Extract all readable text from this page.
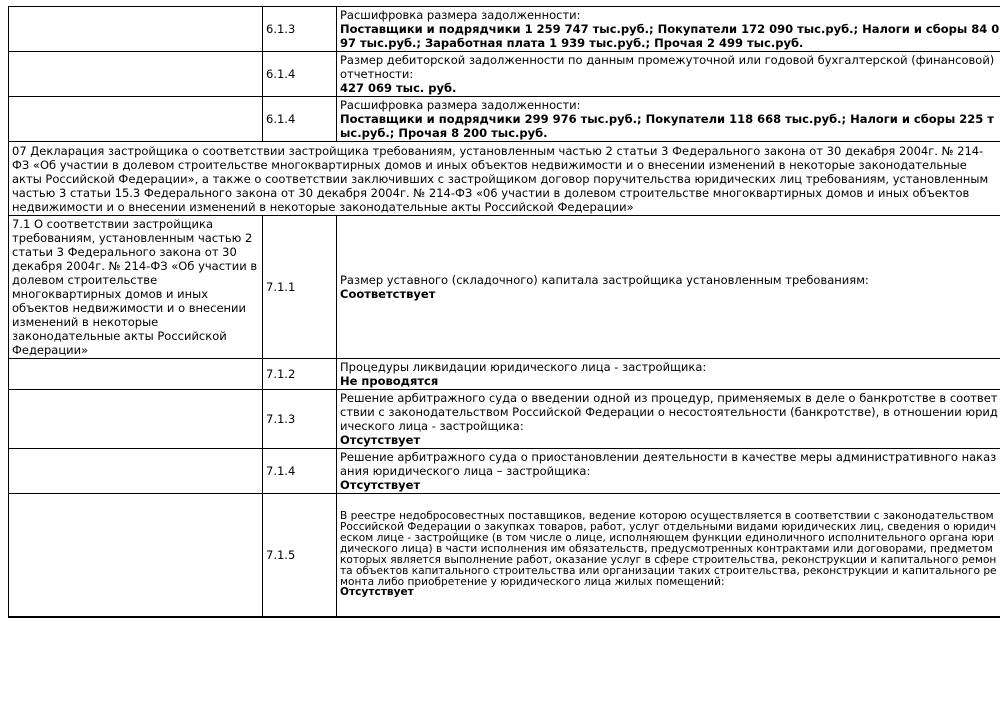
	6.1.3	Расшифровка размера задолженности:
Поставщики и подрядчики 1 259 747 тыс.руб.; Покупатели 172 090 тыс.руб.; Налоги и сборы 84 097 тыс.руб.; Заработная плата 1 939 тыс.руб.; Прочая 2 499 тыс.руб.

	6.1.4	Размер дебиторской задолженности по данным промежуточной или годовой бухгалтерской (финансовой) отчетности:
427 069 тыс. руб.

	6.1.4	Расшифровка размера задолженности:
Поставщики и подрядчики 299 976 тыс.руб.; Покупатели 118 668 тыс.руб.; Налоги и сборы 225 тыс.руб.; Прочая 8 200 тыс.руб.

07 Декларация застройщика о соответствии застройщика требованиям, установленным частью 2 статьи 3 Федерального закона от 30 декабря 2004г. № 214-ФЗ «Об участии в долевом строительстве многоквартирных домов и иных объектов недвижимости и о внесении изменений в некоторые законодательные акты Российской Федерации», а также о соответствии заключивших с застройщиком договор поручительства юридических лиц требованиям, установленным частью 3 статьи 15.3 Федерального закона от 30 декабря 2004г. № 214-ФЗ «06 участии в долевом строительстве многоквартирных домов и иных объектов недвижимости и о внесении изменений в некоторые законодательные акты Российской Федерации»		
7.1 О соответствии застройщика требованиям, установленным частью 2 статьи 3 Федерального закона от 30 декабря 2004г. № 214-ФЗ «Об участии в долевом строительстве многоквартирных домов и иных объектов недвижимости и о внесении изменений в некоторые законодательные акты Российской Федерации»	7.1.1	Размер уставного (складочного) капитала застройщика установленным требованиям:
Соответствует

	7.1.2	Процедуры ликвидации юридического лица - застройщика:
Не проводятся

	7.1.3	Решение арбитражного суда о введении одной из процедур, применяемых в деле о банкротстве в соответствии с законодательством Российской Федерации о несостоятельности (банкротстве), в отношении юридического лица - застройщика:
Отсутствует

	7.1.4	Решение арбитражного суда о приостановлении деятельности в качестве меры административного наказания юридического лица – застройщика:
Отсутствует

	7.1.5	В реестре недобросовестных поставщиков, ведение которою осуществляется в соответствии с законодательством Российской Федерации о закупках товаров, работ, услуг отдельными видами юридических лиц, сведения о юридическом лице - застройщике (в том числе о лице, исполняющем функции единоличного исполнительного органа юридического лица) в части исполнения им обязательств, предусмотренных контрактами или договорами, предметом которых является выполнение работ, оказание услуг в сфере строительства, реконструкции и капитального ремонта объектов капитального строительства или организации таких строительства, реконструкции и капитального ремонта либо приобретение у юридического лица жилых помещений:
Отсутствует
